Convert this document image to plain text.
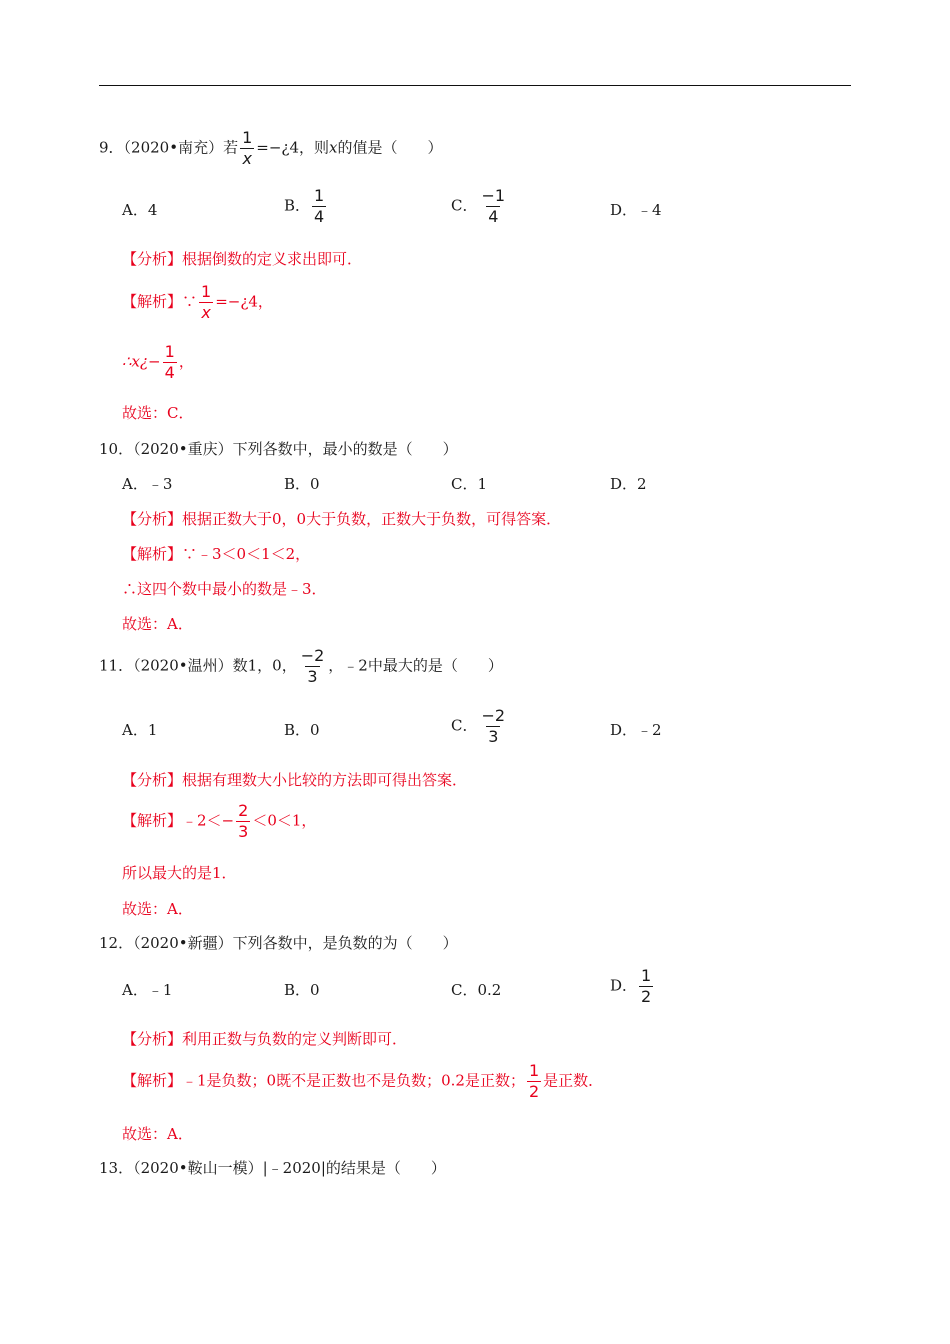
9．（2020•南充）若 $\frac{1}{x}$ =−¿4，则x的值是（　　）
A．4	B． $\frac{1}{4}$	C． $\frac{-1}{4}$	D．﹣4
【分析】根据倒数的定义求出即可．
【解析】∵ $\frac{1}{x}$ =−¿4，
∴x¿− $\frac{1}{4}$ ，
故选：C．
10．（2020•重庆）下列各数中，最小的数是（　　）
A．﹣3	B．0	C．1	D．2
【分析】根据正数大于0，0大于负数，正数大于负数，可得答案．
【解析】∵﹣3＜0＜1＜2，
∴这四个数中最小的数是﹣3．
故选：A．
11．（2020•温州）数1，0， $\frac{-2}{3}$ ，﹣2中最大的是（　　）
A．1	B．0	C． $\frac{-2}{3}$	D．﹣2
【分析】根据有理数大小比较的方法即可得出答案．
【解析】﹣2＜− $\frac{2}{3} <0<1$，
所以最大的是1．
故选：A．
12．（2020•新疆）下列各数中，是负数的为（　　）
A．﹣1	B．0	C．0.2	D． $\frac{1}{2}$
【分析】利用正数与负数的定义判断即可．
【解析】﹣1是负数；0既不是正数也不是负数；0.2是正数； $\frac{1}{2}$ 是正数．
故选：A．
13．（2020•鞍山一模）|﹣2020|的结果是（　　）
